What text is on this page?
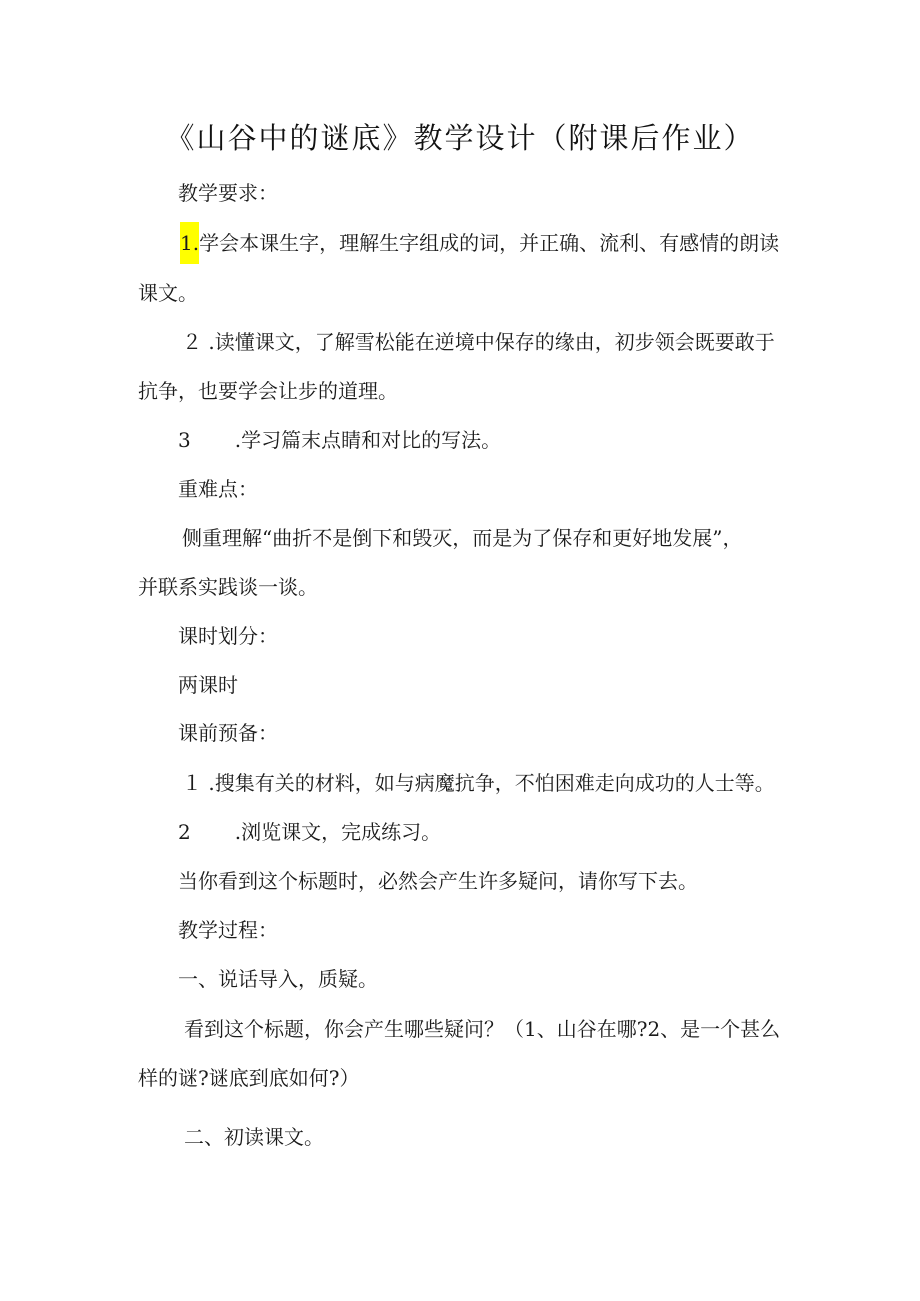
《山谷中的谜底》教学设计（附课后作业）

教学要求：

1.学会本课生字，理解生字组成的词，并正确、流利、有感情的朗读

课文。

２ .读懂课文，了解雪松能在逆境中保存的缘由，初步领会既要敢于

抗争，也要学会让步的道理。

3 .学习篇末点睛和对比的写法。

重难点：

侧重理解“曲折不是倒下和毁灭，而是为了保存和更好地发展”，

并联系实践谈一谈。

课时划分：

两课时

课前预备：

１ .搜集有关的材料，如与病魔抗争，不怕困难走向成功的人士等。

2 .浏览课文，完成练习。

当你看到这个标题时，必然会产生许多疑问，请你写下去。

教学过程：

一、说话导入，质疑。

看到这个标题，你会产生哪些疑问？（1、山谷在哪?2、是一个甚么

样的谜?谜底到底如何?）

二、初读课文。
